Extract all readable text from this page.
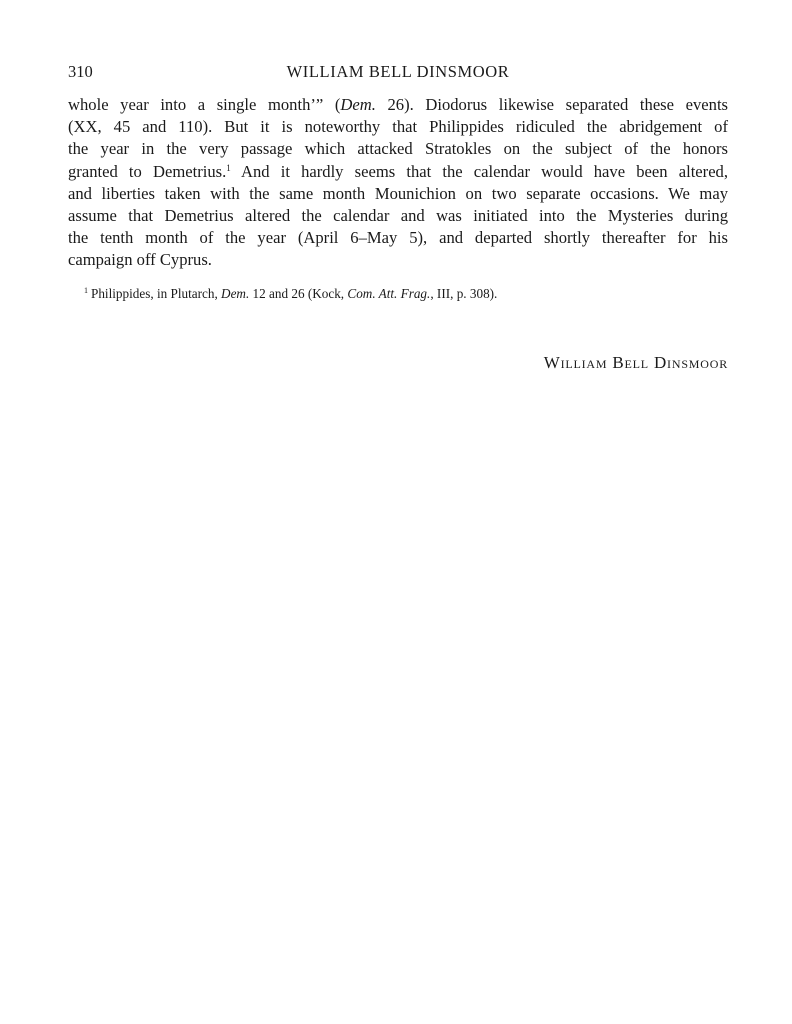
310	WILLIAM BELL DINSMOOR
whole year into a single month’” (Dem. 26). Diodorus likewise separated these events
(XX, 45 and 110). But it is noteworthy that Philippides ridiculed the abridgement of
the year in the very passage which attacked Stratokles on the subject of the honors
granted to Demetrius.$^1$ And it hardly seems that the calendar would have been altered,
and liberties taken with the same month Mounichion on two separate occasions. We may
assume that Demetrius altered the calendar and was initiated into the Mysteries during
the tenth month of the year (April 6–May 5), and departed shortly thereafter for his
campaign off Cyprus.
$^1$ Philippides, in Plutarch, Dem. 12 and 26 (Kock, Com. Att. Frag., III, p. 308).
William Bell Dinsmoor
